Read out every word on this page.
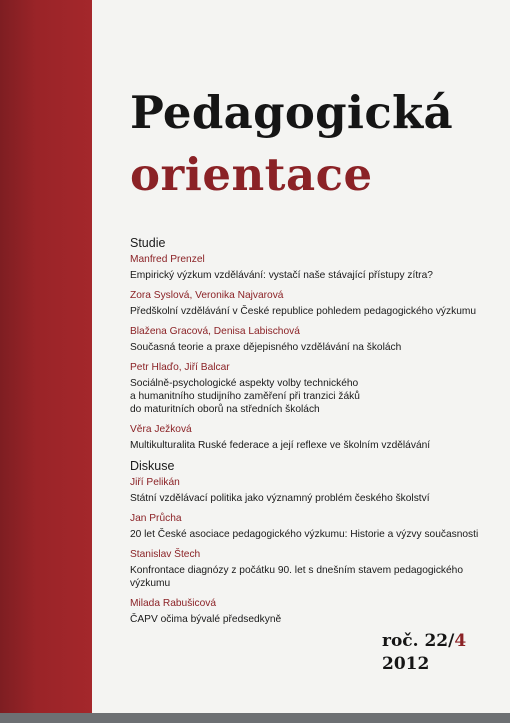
Pedagogická
orientace
Studie
Manfred Prenzel
Empirický výzkum vzdělávání: vystačí naše stávající přístupy zítra?
Zora Syslová, Veronika Najvarová
Předškolní vzdělávání v České republice pohledem pedagogického výzkumu
Blažena Gracová, Denisa Labischová
Současná teorie a praxe dějepisného vzdělávání na školách
Petr Hlaďo, Jiří Balcar
Sociálně-psychologické aspekty volby technického
a humanitního studijního zaměření při tranzici žáků
do maturitních oborů na středních školách
Věra Ježková
Multikulturalita Ruské federace a její reflexe ve školním vzdělávání
Diskuse
Jiří Pelikán
Státní vzdělávací politika jako významný problém českého školství
Jan Průcha
20 let České asociace pedagogického výzkumu: Historie a výzvy současnosti
Stanislav Štech
Konfrontace diagnózy z počátku 90. let s dnešním stavem pedagogického
výzkumu
Milada Rabušicová
ČAPV očima bývalé předsedkyně
roč. 22/4
2012
